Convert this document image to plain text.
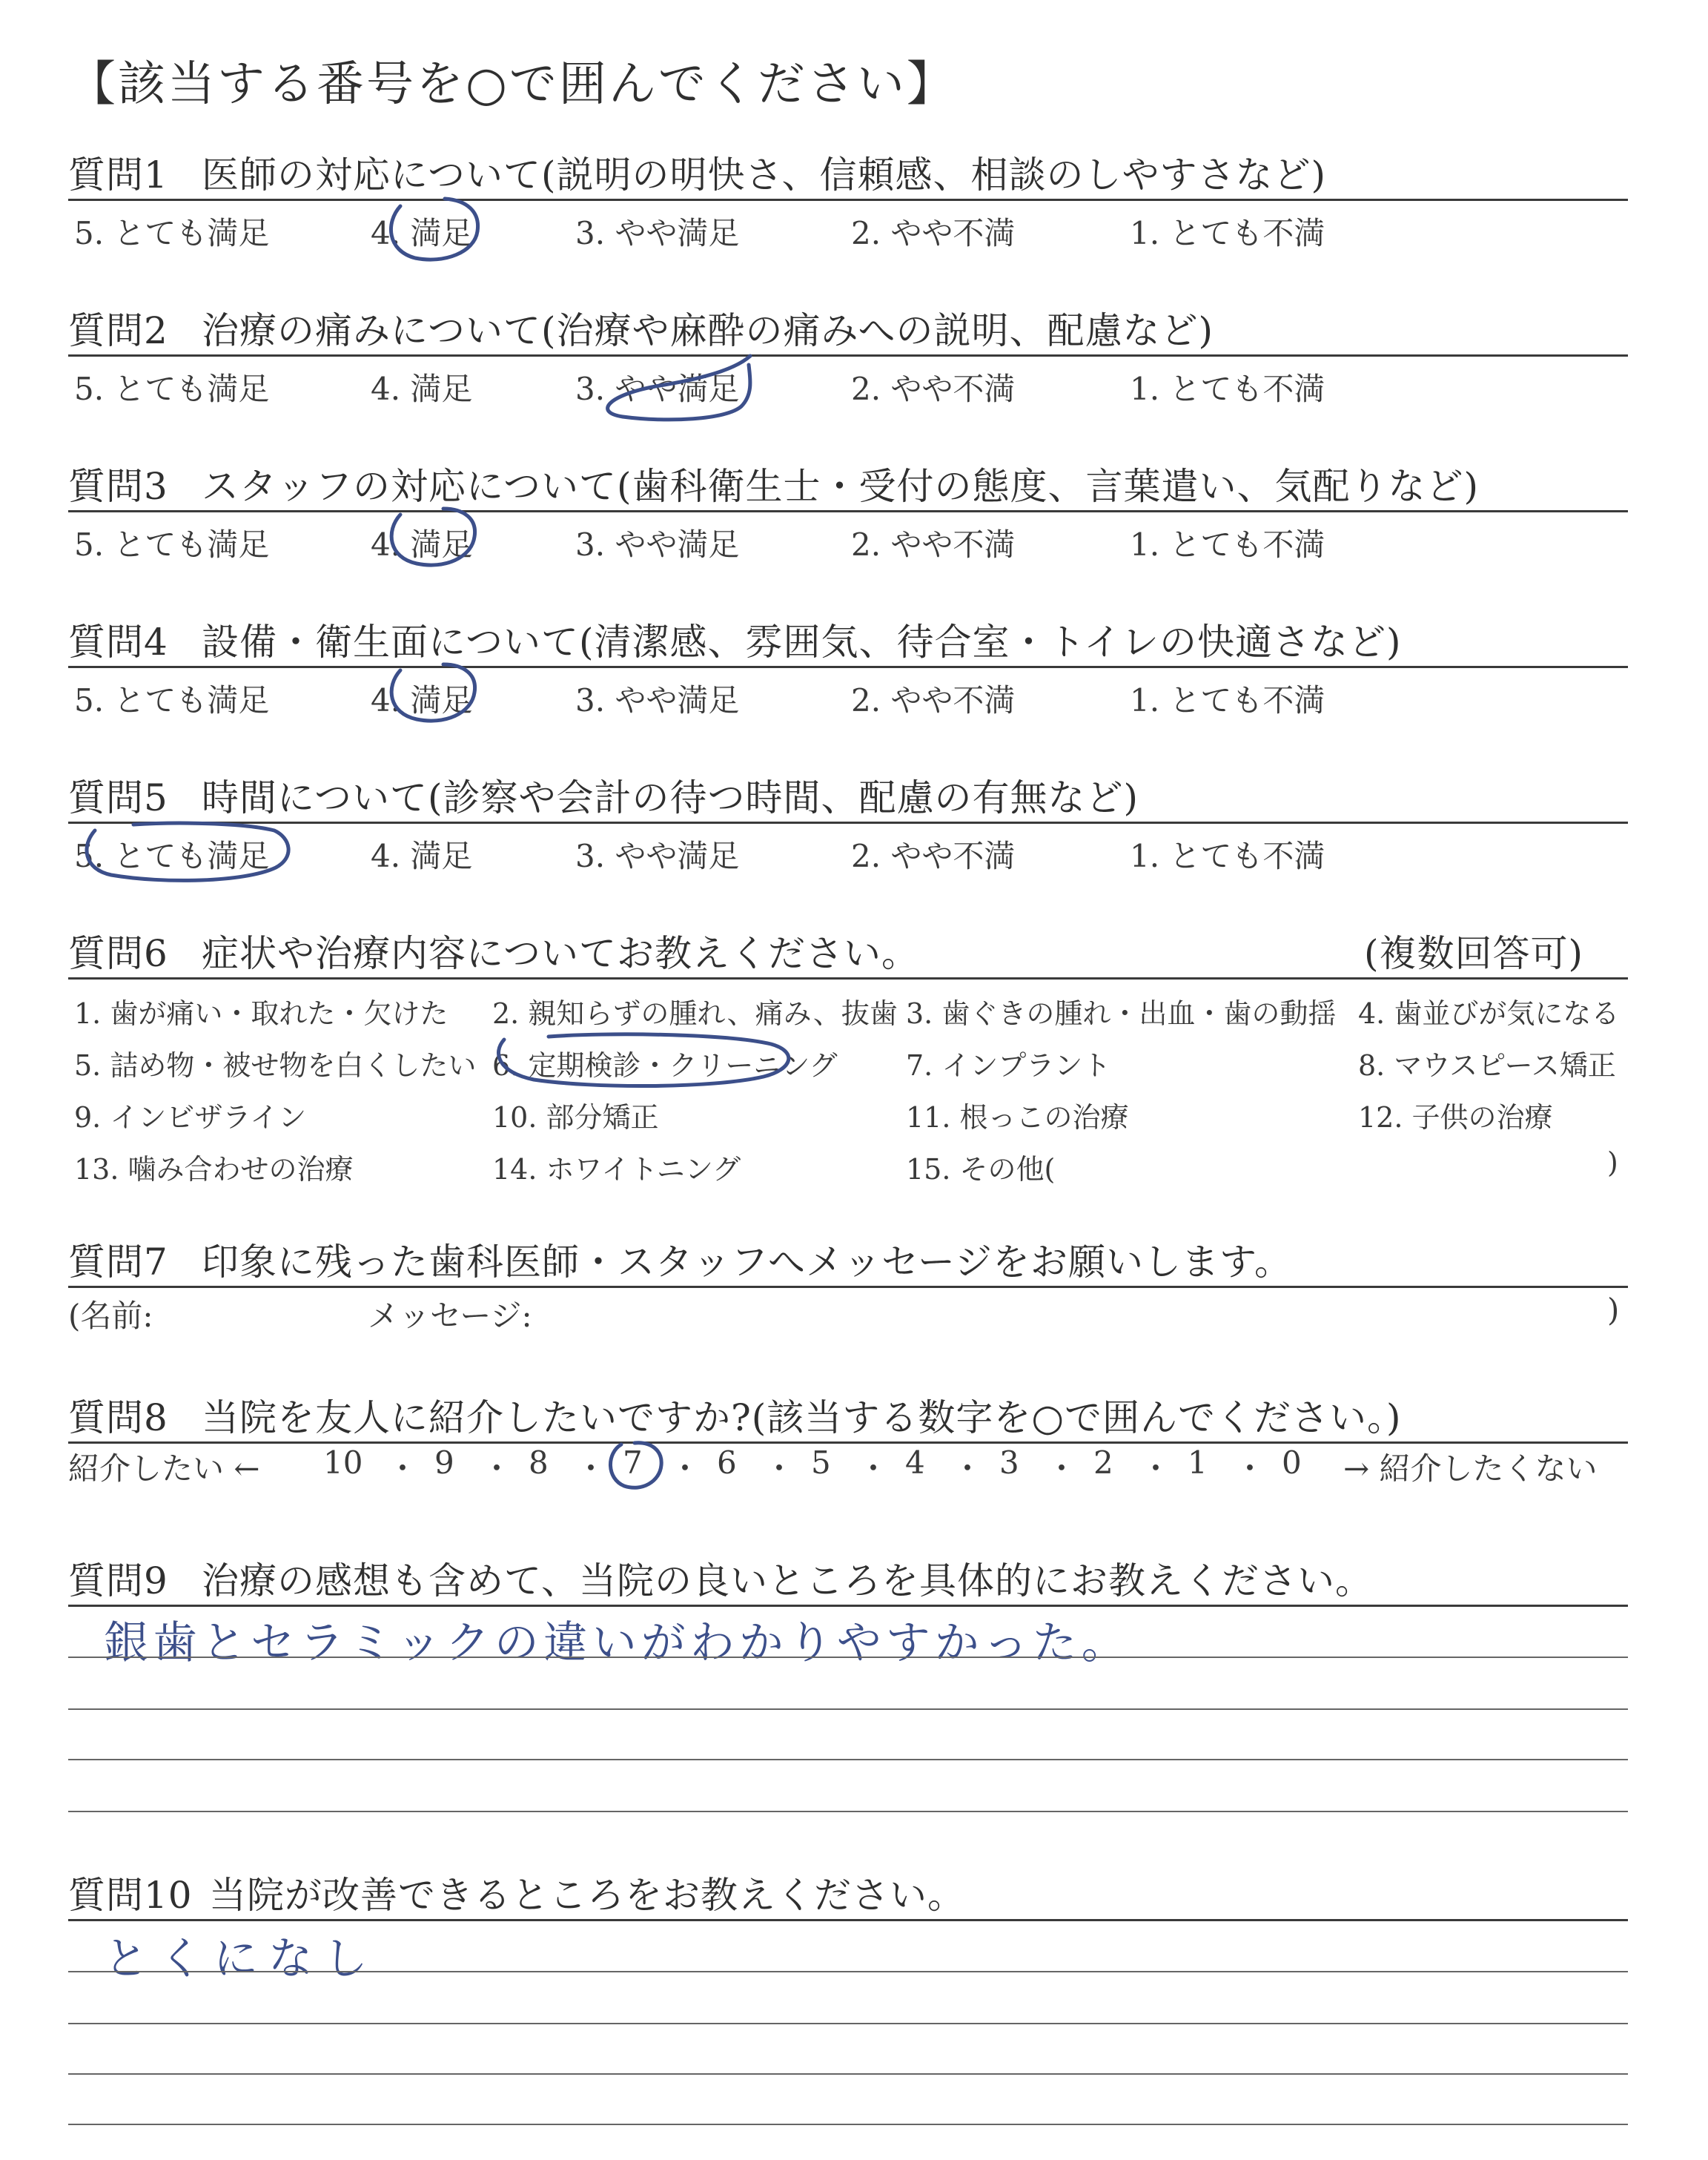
【該当する番号を○で囲んでください】
質問1 医師の対応について(説明の明快さ、信頼感、相談のしやすさなど)
5. とても満足	4. 満足	3. やや満足	2. やや不満	1. とても不満
質問2 治療の痛みについて(治療や麻酔の痛みへの説明、配慮など)
5. とても満足	4. 満足	3. やや満足	2. やや不満	1. とても不満
質問3 スタッフの対応について(歯科衛生士・受付の態度、言葉遣い、気配りなど)
5. とても満足	4. 満足	3. やや満足	2. やや不満	1. とても不満
質問4 設備・衛生面について(清潔感、雰囲気、待合室・トイレの快適さなど)
5. とても満足	4. 満足	3. やや満足	2. やや不満	1. とても不満
質問5 時間について(診察や会計の待つ時間、配慮の有無など)
5. とても満足	4. 満足	3. やや満足	2. やや不満	1. とても不満
質問6 症状や治療内容についてお教えください。	(複数回答可)
1. 歯が痛い・取れた・欠けた 2. 親知らずの腫れ、痛み、抜歯 3. 歯ぐきの腫れ・出血・歯の動揺 4. 歯並びが気になる
5. 詰め物・被せ物を白くしたい 6. 定期検診・クリーニング 7. インプラント	8. マウスピース矯正
9. インビザライン	10. 部分矯正	11. 根っこの治療	12. 子供の治療
13. 噛み合わせの治療	14. ホワイトニング	15. その他(	)
質問7 印象に残った歯科医師・スタッフへメッセージをお願いします。
(名前:	メッセージ:	)
質問8 当院を友人に紹介したいですか?(該当する数字を○で囲んでください。)
紹介したい ← 10 ・ 9 ・ 8 ・ 7 ・ 6 ・ 5 ・ 4 ・ 3 ・ 2 ・ 1 ・ 0 → 紹介したくない
質問9 治療の感想も含めて、当院の良いところを具体的にお教えください。
銀歯とセラミックの違いがわかりやすかった。
質問10 当院が改善できるところをお教えください。
とくになし
